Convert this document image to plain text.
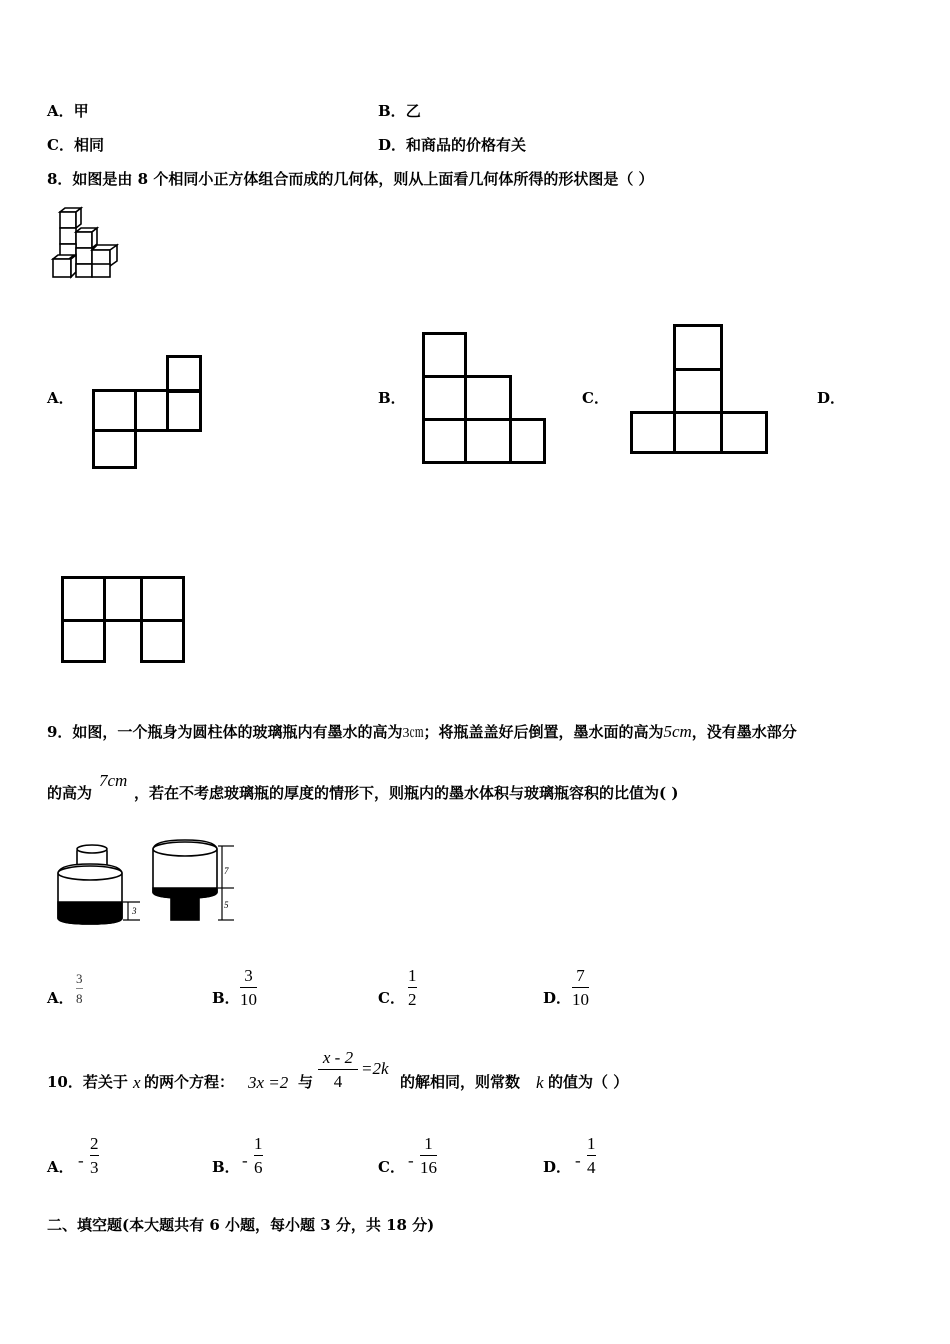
A．甲	B．乙
C．相同	D．和商品的价格有关
8．如图是由 8 个相同小正方体组合而成的几何体，则从上面看几何体所得的形状图是（ ）
A．	B．	C．	D．
9．如图，一个瓶身为圆柱体的玻璃瓶内有墨水的高为3㎝；将瓶盖盖好后倒置，墨水面的高为5cm，没有墨水部分
的高为
7cm
，若在不考虑玻璃瓶的厚度的情形下，则瓶内的墨水体积与玻璃瓶容积的比值为( )
3
7
5
A．
3
8	B．
3
10	C．
1
2	D．
7
10
10．若关于 x 的两个方程： 3x =2 与
x - 2
4
=2k
的解相同，则常数 k 的值为（ ）
A． -
2
3	B． -
1
6	C． -
1
16	D． -
1
4
二、填空题(本大题共有 6 小题，每小题 3 分，共 18 分)
